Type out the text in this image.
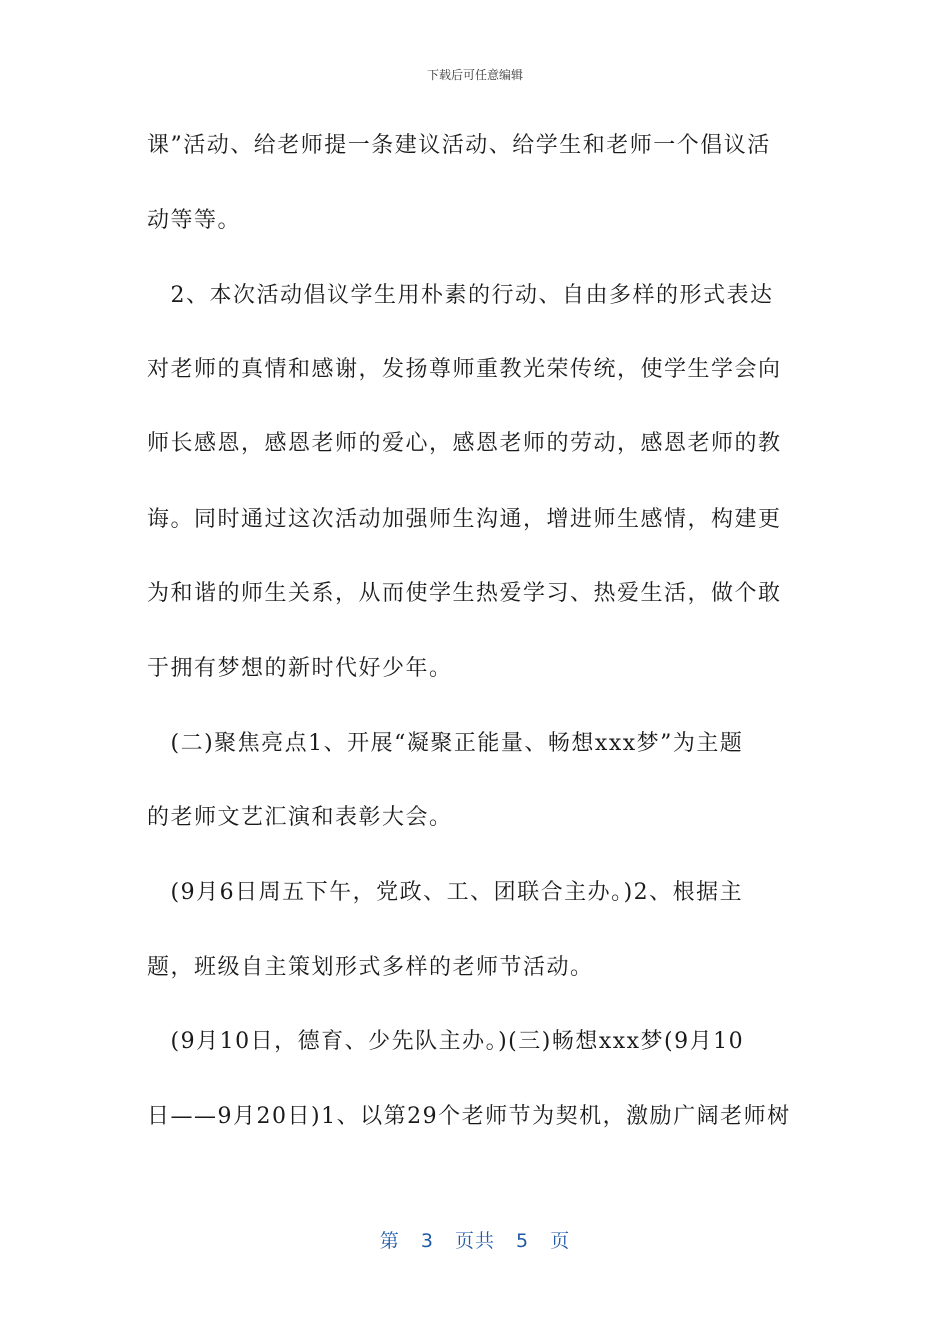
下载后可任意编辑
课”活动、给老师提一条建议活动、给学生和老师一个倡议活
动等等。
　2、本次活动倡议学生用朴素的行动、自由多样的形式表达
对老师的真情和感谢，发扬尊师重教光荣传统，使学生学会向
师长感恩，感恩老师的爱心，感恩老师的劳动，感恩老师的教
诲。同时通过这次活动加强师生沟通，增进师生感情，构建更
为和谐的师生关系，从而使学生热爱学习、热爱生活，做个敢
于拥有梦想的新时代好少年。
　(二)聚焦亮点1、开展“凝聚正能量、畅想xxx梦”为主题
的老师文艺汇演和表彰大会。
　(9月6日周五下午，党政、工、团联合主办。)2、根据主
题，班级自主策划形式多样的老师节活动。
　(9月10日，德育、少先队主办。)(三)畅想xxx梦(9月10
日——9月20日)1、以第29个老师节为契机，激励广阔老师树
第 3 页共 5 页
